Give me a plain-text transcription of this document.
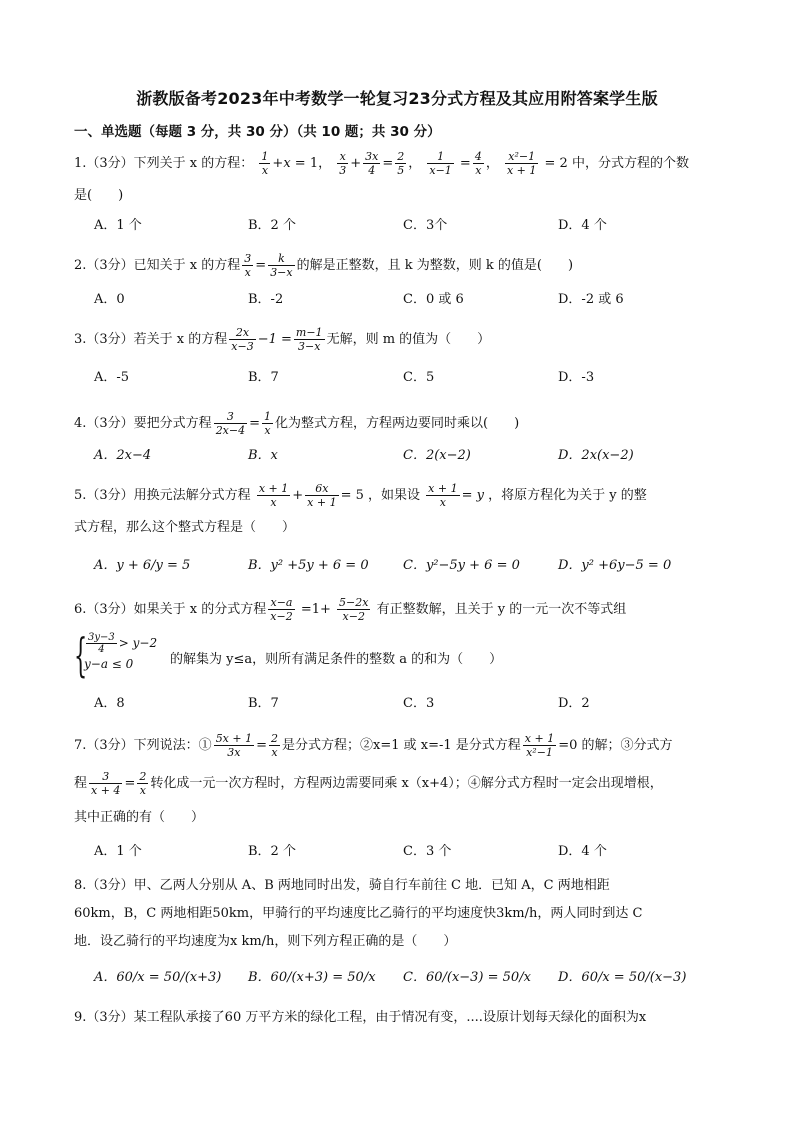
浙教版备考2023年中考数学一轮复习23分式方程及其应用附答案学生版
一、单选题（每题 3 分，共 30 分）（共 10 题；共 30 分）
1.（3分）下列关于 x 的方程： $\frac{1}{x} +x = 1$， $\frac{x}{3} + \frac{3x}{4} = \frac{2}{5}$ ， $\frac{1}{x-1} = \frac{4}{x}$ ， $\frac{\text{x²−1}}{x + 1} = 2$ 中，分式方程的个数
是(　　)
A．1 个	B．2 个	C．3个	D．4 个
2.（3分）已知关于 x 的方程 $\frac{3}{x} = \frac{k}{3-x}$ 的解是正整数，且 k 为整数，则 k 的值是(　　)
A．0	B．-2	C．0 或 6	D．-2 或 6
3.（3分）若关于 x 的方程 $\frac{2x}{x-3} -1 = \frac{m-1}{3-x}$ 无解，则 m 的值为（　　）
A．-5	B．7	C．5	D．-3
4.（3分）要把分式方程 $\frac{3}{2x-4} = \frac{1}{x}$ 化为整式方程，方程两边要同时乘以(　　)
A．2x−4	B．x	C．2(x−2)	D．2x(x−2)
5.（3分）用换元法解分式方程 $\frac{x + 1}{x} + \frac{6x}{x + 1} = 5$ ，如果设 $\frac{x + 1}{x} = y$ ，将原方程化为关于 y 的整
式方程，那么这个整式方程是（　　）
A．y + 6/y = 5	B．y² +5y + 6 = 0	C．y²−5y + 6 = 0	D．y² +6y−5 = 0
6.（3分）如果关于 x 的分式方程 $\frac{x-a}{x-2} =1+ \frac{5-2x}{x-2}$ 有正整数解，且关于 y 的一元一次不等式组
{
$\frac{3y-3}{4} > y-2$
y−a ≤ 0	的解集为 y≤a，则所有满足条件的整数 a 的和为（　　）
A．8	B．7	C．3	D．2
7.（3分）下列说法：① $\frac{5x + 1}{3x} = \frac{2}{x}$ 是分式方程；②x=1 或 x=-1 是分式方程 $\frac{x + 1}{\text{x²−1}} =0$ 的解；③分式方
程 $\frac{3}{x + 4} = \frac{2}{x}$ 转化成一元一次方程时，方程两边需要同乘 x（x+4）；④解分式方程时一定会出现增根，
其中正确的有（　　）
A．1 个	B．2 个	C．3 个	D．4 个
8.（3分）甲、乙两人分别从 A、B 两地同时出发，骑自行车前往 C 地．已知 A，C 两地相距
60km，B，C 两地相距50km，甲骑行的平均速度比乙骑行的平均速度快3km/h，两人同时到达 C
地．设乙骑行的平均速度为x km/h，则下列方程正确的是（　　）
A．60/x = 50/(x+3) B．60/(x+3) = 50/x C．60/(x−3) = 50/x D．60/x = 50/(x−3)
9.（3分）某工程队承接了60 万平方米的绿化工程，由于情况有变，....设原计划每天绿化的面积为x
